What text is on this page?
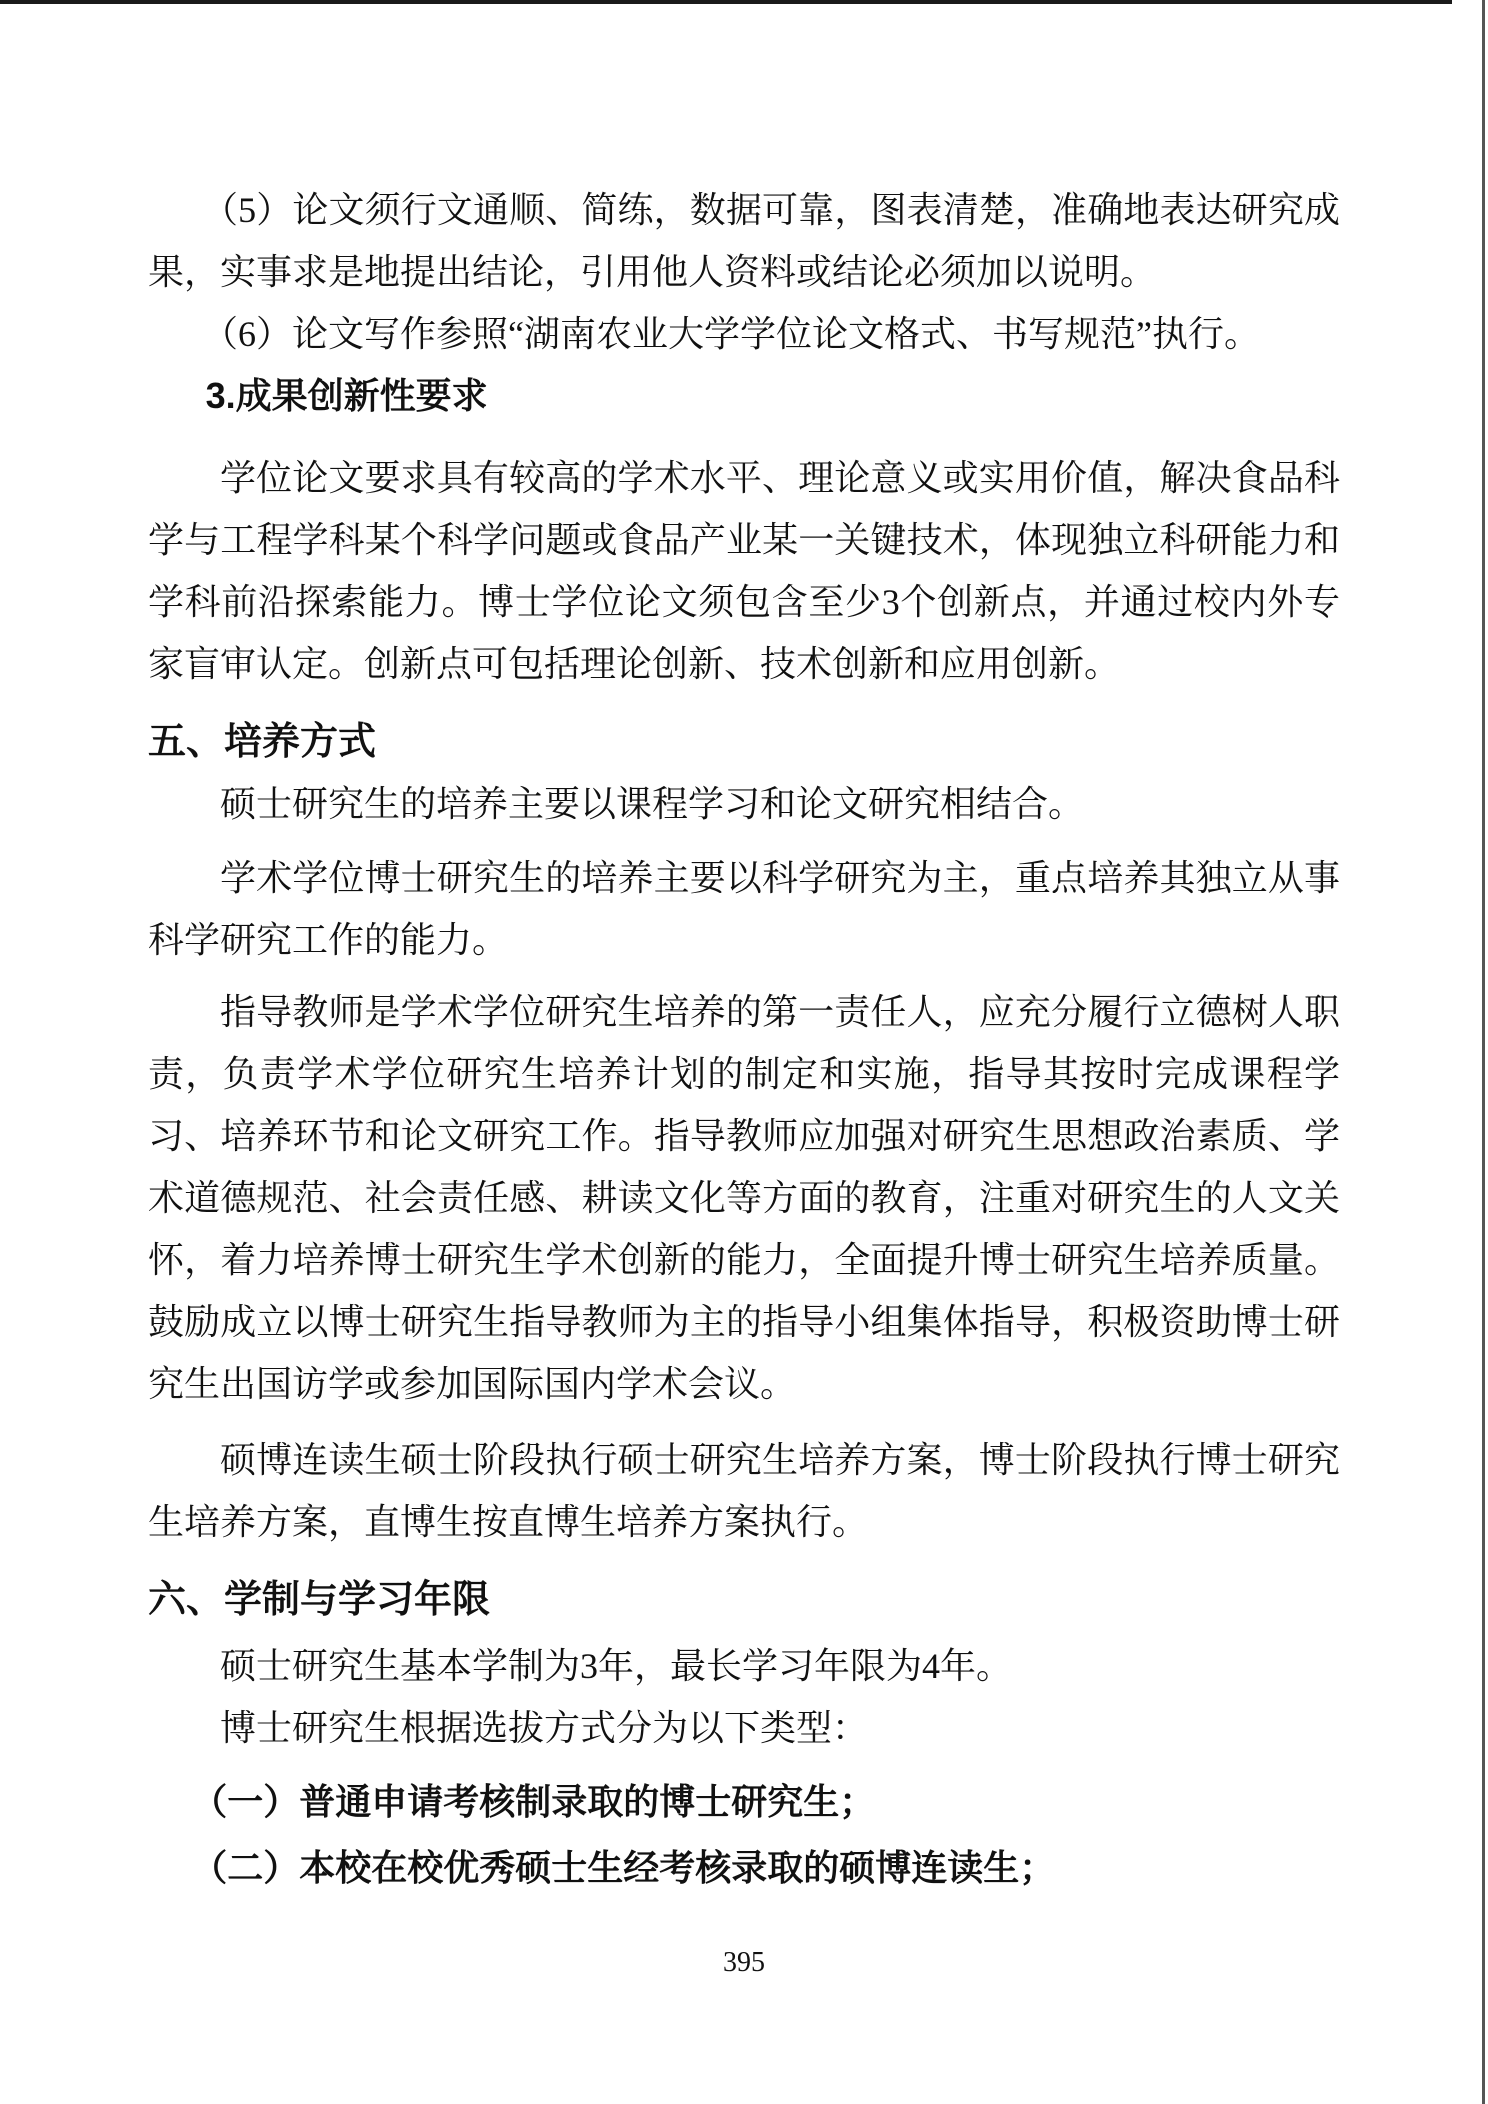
（5）论文须行文通顺、简练，数据可靠，图表清楚，准确地表达研究成果，实事求是地提出结论，引用他人资料或结论必须加以说明。

（6）论文写作参照“湖南农业大学学位论文格式、书写规范”执行。

3.成果创新性要求

学位论文要求具有较高的学术水平、理论意义或实用价值，解决食品科学与工程学科某个科学问题或食品产业某一关键技术，体现独立科研能力和学科前沿探索能力。博士学位论文须包含至少3个创新点，并通过校内外专家盲审认定。创新点可包括理论创新、技术创新和应用创新。

五、培养方式

硕士研究生的培养主要以课程学习和论文研究相结合。

学术学位博士研究生的培养主要以科学研究为主，重点培养其独立从事科学研究工作的能力。

指导教师是学术学位研究生培养的第一责任人，应充分履行立德树人职责，负责学术学位研究生培养计划的制定和实施，指导其按时完成课程学习、培养环节和论文研究工作。指导教师应加强对研究生思想政治素质、学术道德规范、社会责任感、耕读文化等方面的教育，注重对研究生的人文关怀，着力培养博士研究生学术创新的能力，全面提升博士研究生培养质量。鼓励成立以博士研究生指导教师为主的指导小组集体指导，积极资助博士研究生出国访学或参加国际国内学术会议。

硕博连读生硕士阶段执行硕士研究生培养方案，博士阶段执行博士研究生培养方案，直博生按直博生培养方案执行。

六、学制与学习年限

硕士研究生基本学制为3年，最长学习年限为4年。

博士研究生根据选拔方式分为以下类型：

（一）普通申请考核制录取的博士研究生；

（二）本校在校优秀硕士生经考核录取的硕博连读生；

395
